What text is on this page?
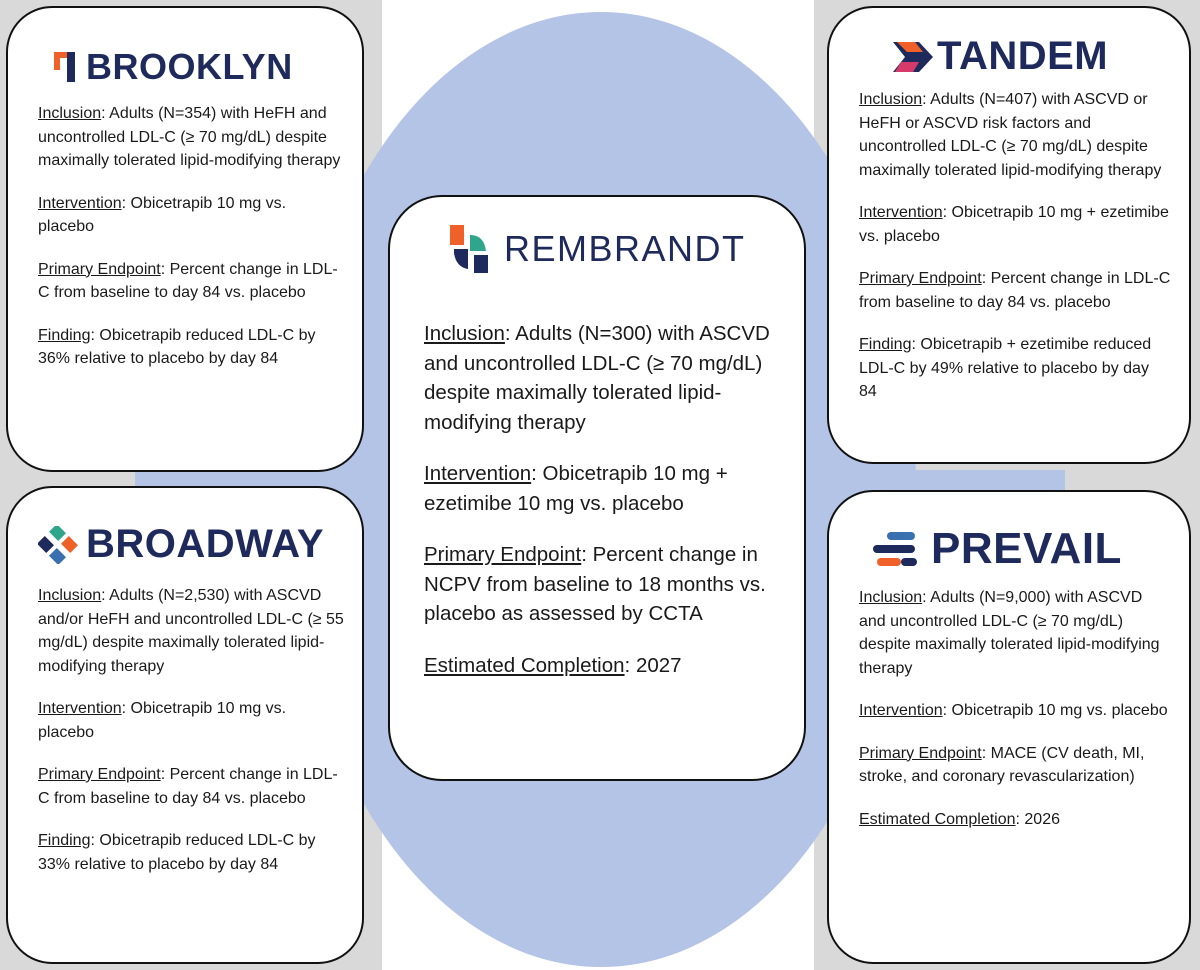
BROOKLYN
Inclusion: Adults (N=354) with HeFH and uncontrolled LDL-C (≥ 70 mg/dL) despite maximally tolerated lipid-modifying therapy
Intervention: Obicetrapib 10 mg vs. placebo
Primary Endpoint: Percent change in LDL-C from baseline to day 84 vs. placebo
Finding: Obicetrapib reduced LDL-C by 36% relative to placebo by day 84
BROADWAY
Inclusion: Adults (N=2,530) with ASCVD and/or HeFH and uncontrolled LDL-C (≥ 55 mg/dL) despite maximally tolerated lipid-modifying therapy
Intervention: Obicetrapib 10 mg vs. placebo
Primary Endpoint: Percent change in LDL-C from baseline to day 84 vs. placebo
Finding: Obicetrapib reduced LDL-C by 33% relative to placebo by day 84
REMBRANDT
Inclusion: Adults (N=300) with ASCVD and uncontrolled LDL-C (≥ 70 mg/dL) despite maximally tolerated lipid-modifying therapy
Intervention: Obicetrapib 10 mg + ezetimibe 10 mg vs. placebo
Primary Endpoint: Percent change in NCPV from baseline to 18 months vs. placebo as assessed by CCTA
Estimated Completion: 2027
TANDEM
Inclusion: Adults (N=407) with ASCVD or HeFH or ASCVD risk factors and uncontrolled LDL-C (≥ 70 mg/dL) despite maximally tolerated lipid-modifying therapy
Intervention: Obicetrapib 10 mg + ezetimibe vs. placebo
Primary Endpoint: Percent change in LDL-C from baseline to day 84 vs. placebo
Finding: Obicetrapib + ezetimibe reduced LDL-C by 49% relative to placebo by day 84
PREVAIL
Inclusion: Adults (N=9,000) with ASCVD and uncontrolled LDL-C (≥ 70 mg/dL) despite maximally tolerated lipid-modifying therapy
Intervention: Obicetrapib 10 mg vs. placebo
Primary Endpoint: MACE (CV death, MI, stroke, and coronary revascularization)
Estimated Completion: 2026
